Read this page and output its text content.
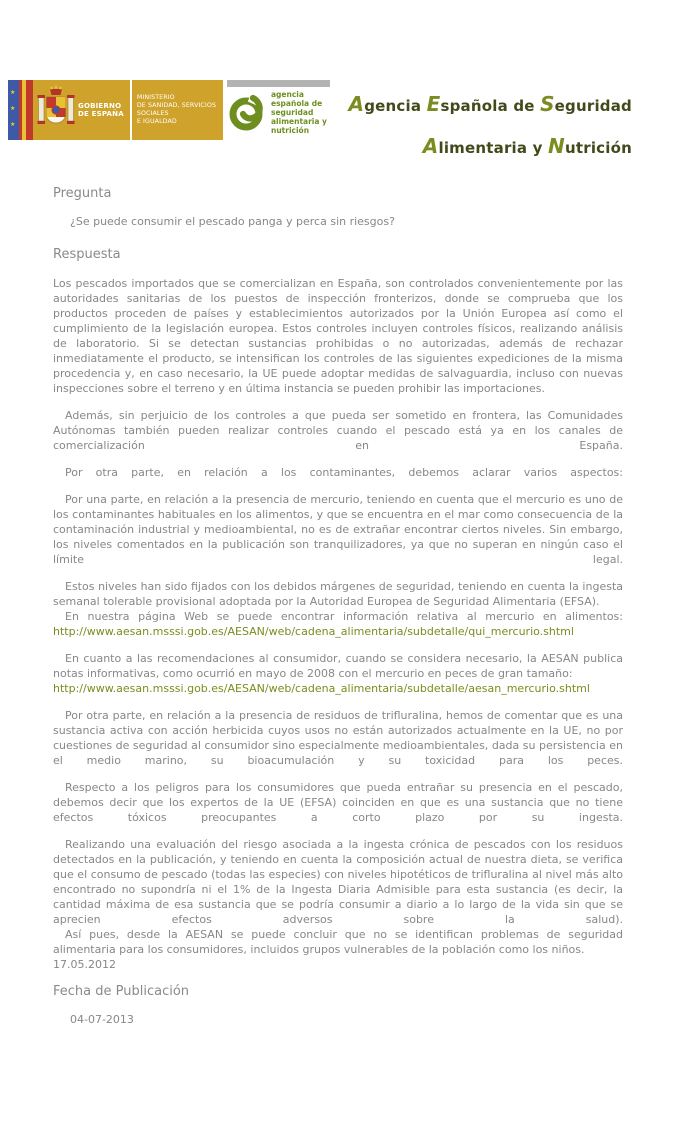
★
★
★
GOBIERNO
DE ESPAÑA
MINISTERIO
DE SANIDAD, SERVICIOS SOCIALES
E IGUALDAD
agencia
española de
seguridad
alimentaria y
nutrición
Agencia Española de Seguridad
Alimentaria y Nutrición
Pregunta

¿Se puede consumir el pescado panga y perca sin riesgos?

Respuesta

Los pescados importados que se comercializan en España, son controlados convenientemente por las autoridades sanitarias de los puestos de inspección fronterizos, donde se comprueba que los productos proceden de países y establecimientos autorizados por la Unión Europea así como el cumplimiento de la legislación europea. Estos controles incluyen controles físicos, realizando análisis de laboratorio. Si se detectan sustancias prohibidas o no autorizadas, además de rechazar inmediatamente el producto, se intensifican los controles de las siguientes expediciones de la misma procedencia y, en caso necesario, la UE puede adoptar medidas de salvaguardia, incluso con nuevas inspecciones sobre el terreno y en última instancia se pueden prohibir las importaciones.

Además, sin perjuicio de los controles a que pueda ser sometido en frontera, las Comunidades Autónomas también pueden realizar controles cuando el pescado está ya en los canales de comercialización en España.

Por otra parte, en relación a los contaminantes, debemos aclarar varios aspectos:

Por una parte, en relación a la presencia de mercurio, teniendo en cuenta que el mercurio es uno de los contaminantes habituales en los alimentos, y que se encuentra en el mar como consecuencia de la contaminación industrial y medioambiental, no es de extrañar encontrar ciertos niveles. Sin embargo, los niveles comentados en la publicación son tranquilizadores, ya que no superan en ningún caso el límite legal.

Estos niveles han sido fijados con los debidos márgenes de seguridad, teniendo en cuenta la ingesta semanal tolerable provisional adoptada por la Autoridad Europea de Seguridad Alimentaria (EFSA).

En nuestra página Web se puede encontrar información relativa al mercurio en alimentos:

http://www.aesan.msssi.gob.es/AESAN/web/cadena_alimentaria/subdetalle/qui_mercurio.shtml

En cuanto a las recomendaciones al consumidor, cuando se considera necesario, la AESAN publica notas informativas, como ocurrió en mayo de 2008 con el mercurio en peces de gran tamaño:

http://www.aesan.msssi.gob.es/AESAN/web/cadena_alimentaria/subdetalle/aesan_mercurio.shtml

Por otra parte, en relación a la presencia de residuos de trifluralina, hemos de comentar que es una sustancia activa con acción herbicida cuyos usos no están autorizados actualmente en la UE, no por cuestiones de seguridad al consumidor sino especialmente medioambientales, dada su persistencia en el medio marino, su bioacumulación y su toxicidad para los peces.

Respecto a los peligros para los consumidores que pueda entrañar su presencia en el pescado, debemos decir que los expertos de la UE (EFSA) coinciden en que es una sustancia que no tiene efectos tóxicos preocupantes a corto plazo por su ingesta.

Realizando una evaluación del riesgo asociada a la ingesta crónica de pescados con los residuos detectados en la publicación, y teniendo en cuenta la composición actual de nuestra dieta, se verifica que el consumo de pescado (todas las especies) con niveles hipotéticos de trifluralina al nivel más alto encontrado no supondría ni el 1% de la Ingesta Diaria Admisible para esta sustancia (es decir, la cantidad máxima de esa sustancia que se podría consumir a diario a lo largo de la vida sin que se aprecien efectos adversos sobre la salud).

Así pues, desde la AESAN se puede concluir que no se identifican problemas de seguridad alimentaria para los consumidores, incluidos grupos vulnerables de la población como los niños.

17.05.2012

Fecha de Publicación

04-07-2013
